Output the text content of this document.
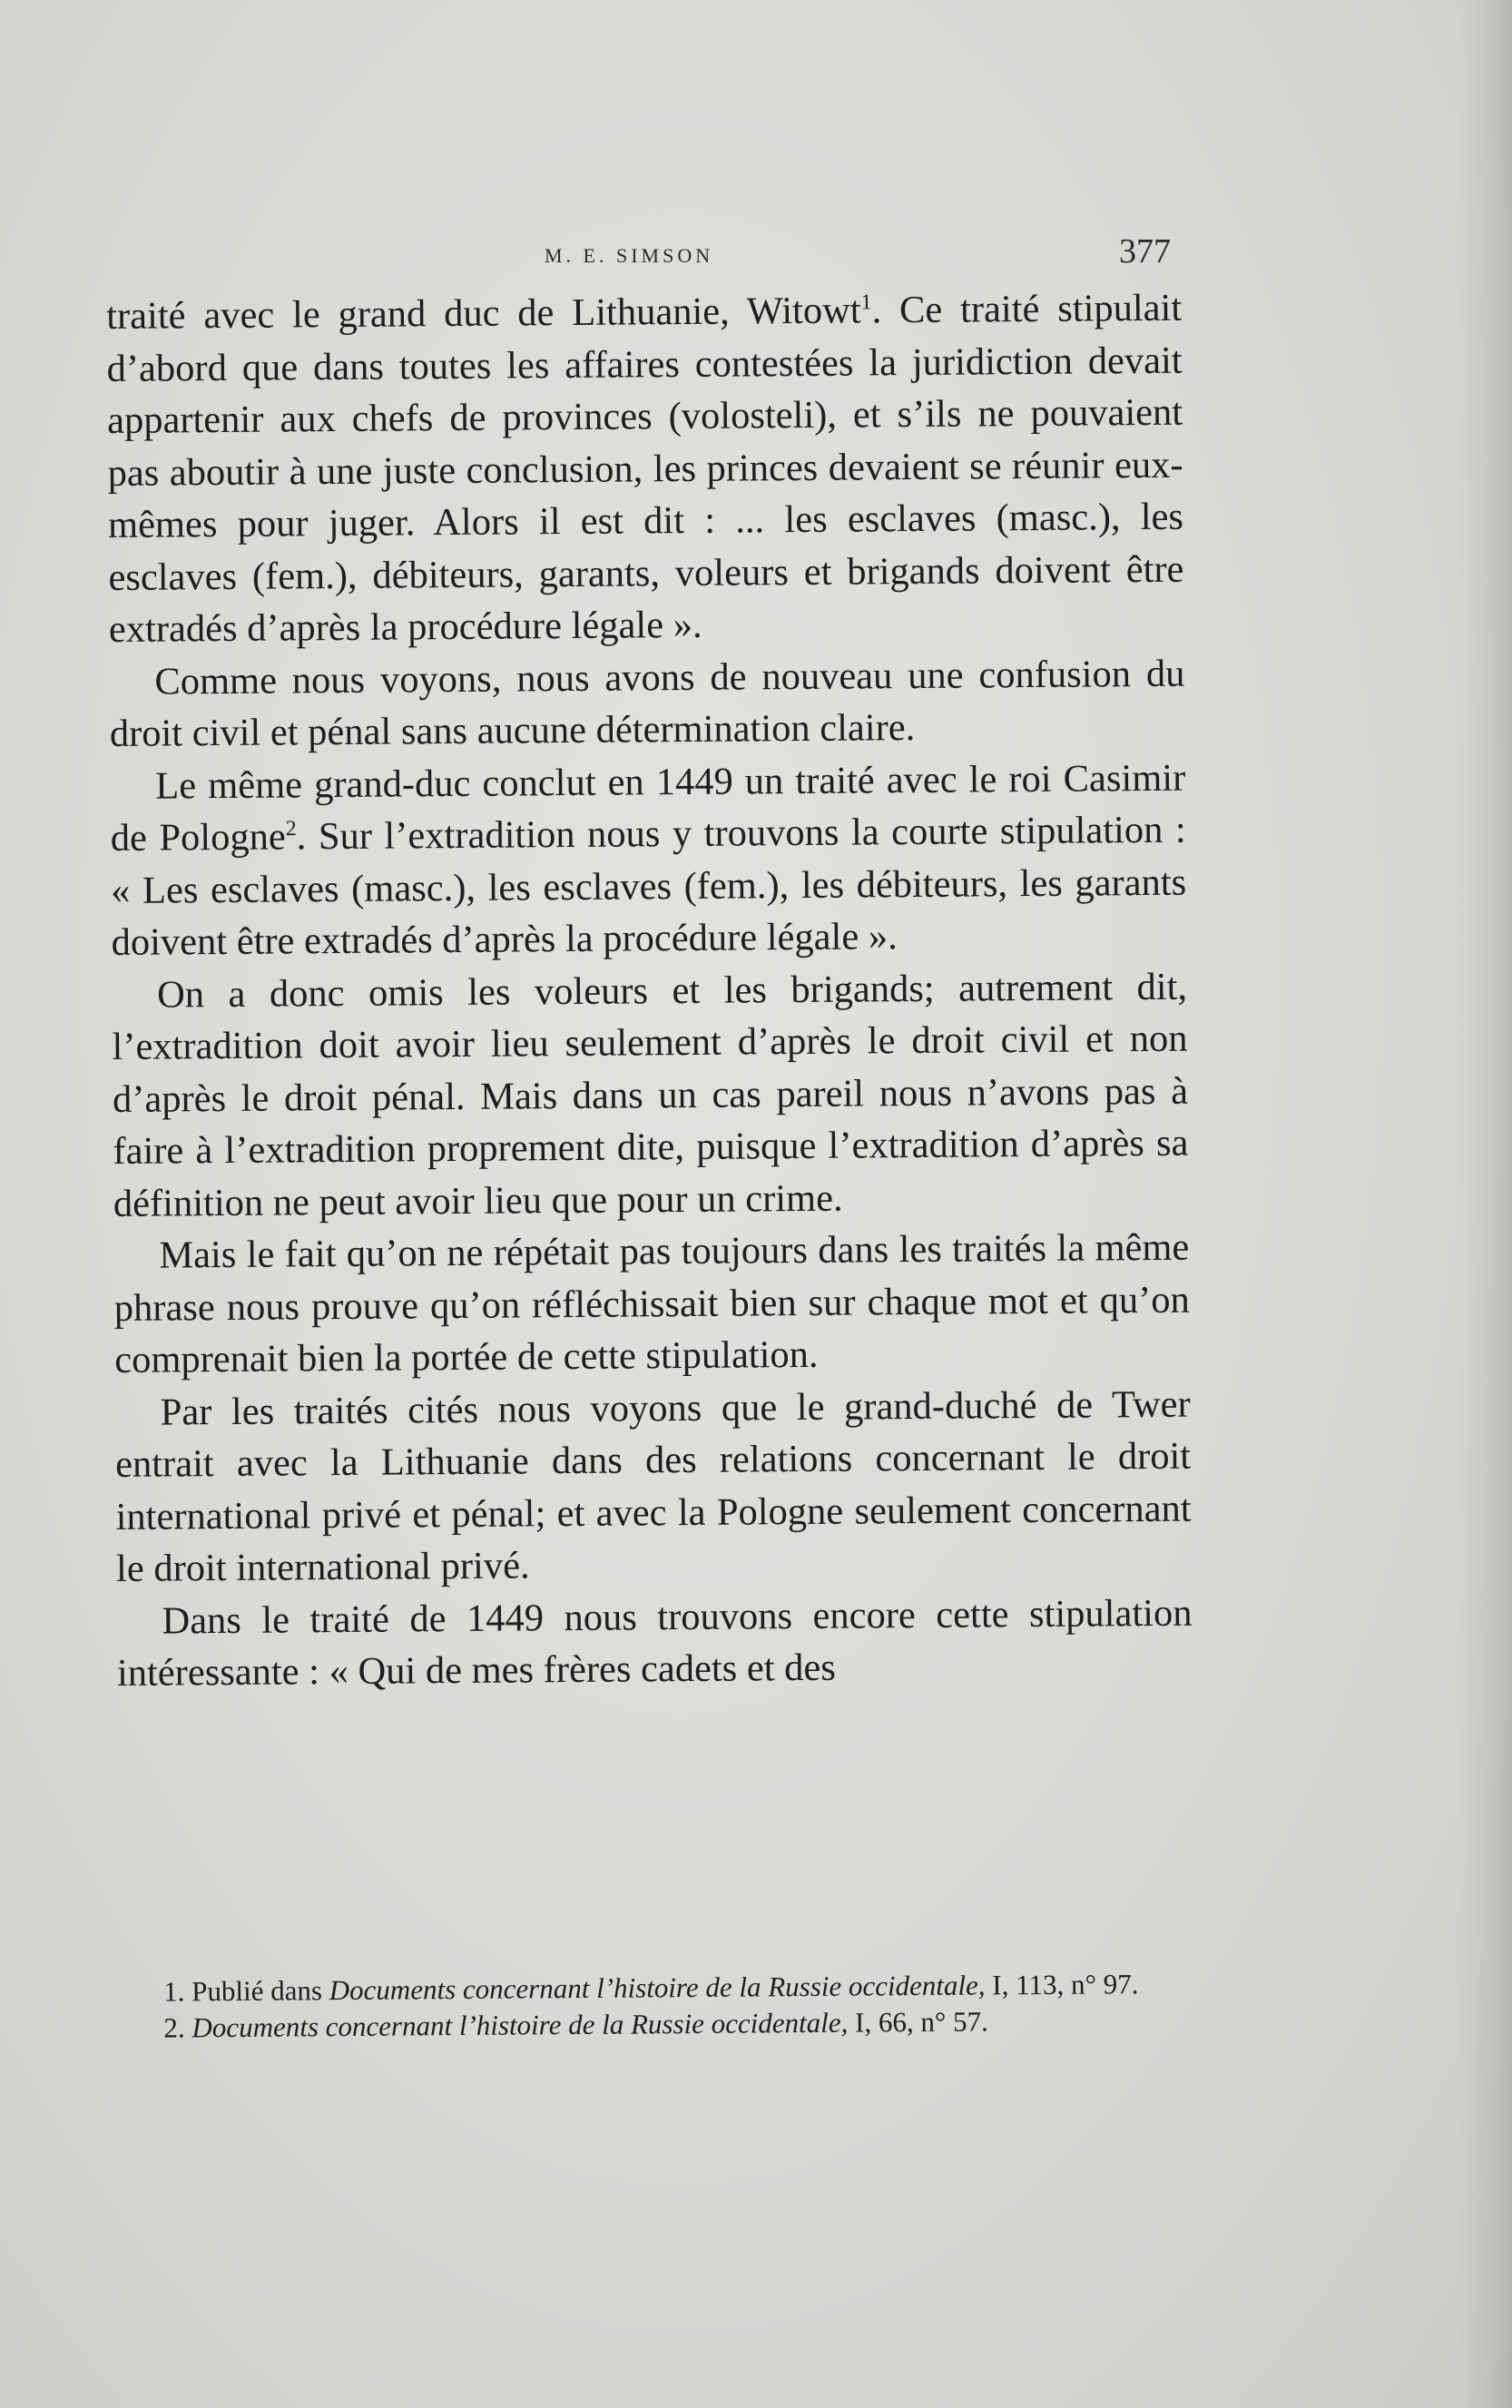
M. E. SIMSON	377

traité avec le grand duc de Lithuanie, Witowt$^1$. Ce traité stipulait d’abord que dans toutes les affaires contestées la juridiction devait appartenir aux chefs de provinces (volosteli), et s’ils ne pouvaient pas aboutir à une juste conclusion, les princes devaient se réunir eux-mêmes pour juger. Alors il est dit : ... les esclaves (masc.), les esclaves (fem.), débiteurs, garants, voleurs et brigands doivent être extradés d’après la procédure légale ».

Comme nous voyons, nous avons de nouveau une confusion du droit civil et pénal sans aucune détermination claire.

Le même grand-duc conclut en 1449 un traité avec le roi Casimir de Pologne$^2$. Sur l’extradition nous y trouvons la courte stipulation : « Les esclaves (masc.), les esclaves (fem.), les débiteurs, les garants doivent être extradés d’après la procédure légale ».

On a donc omis les voleurs et les brigands; autrement dit, l’extradition doit avoir lieu seulement d’après le droit civil et non d’après le droit pénal. Mais dans un cas pareil nous n’avons pas à faire à l’extradition proprement dite, puisque l’extradition d’après sa définition ne peut avoir lieu que pour un crime.

Mais le fait qu’on ne répétait pas toujours dans les traités la même phrase nous prouve qu’on réfléchissait bien sur chaque mot et qu’on comprenait bien la portée de cette stipulation.

Par les traités cités nous voyons que le grand-duché de Twer entrait avec la Lithuanie dans des relations concernant le droit international privé et pénal; et avec la Pologne seulement concernant le droit international privé.

Dans le traité de 1449 nous trouvons encore cette stipulation intéressante : « Qui de mes frères cadets et des

1. Publié dans Documents concernant l’histoire de la Russie occidentale, I, 113, n° 97.

2. Documents concernant l’histoire de la Russie occidentale, I, 66, n° 57.
